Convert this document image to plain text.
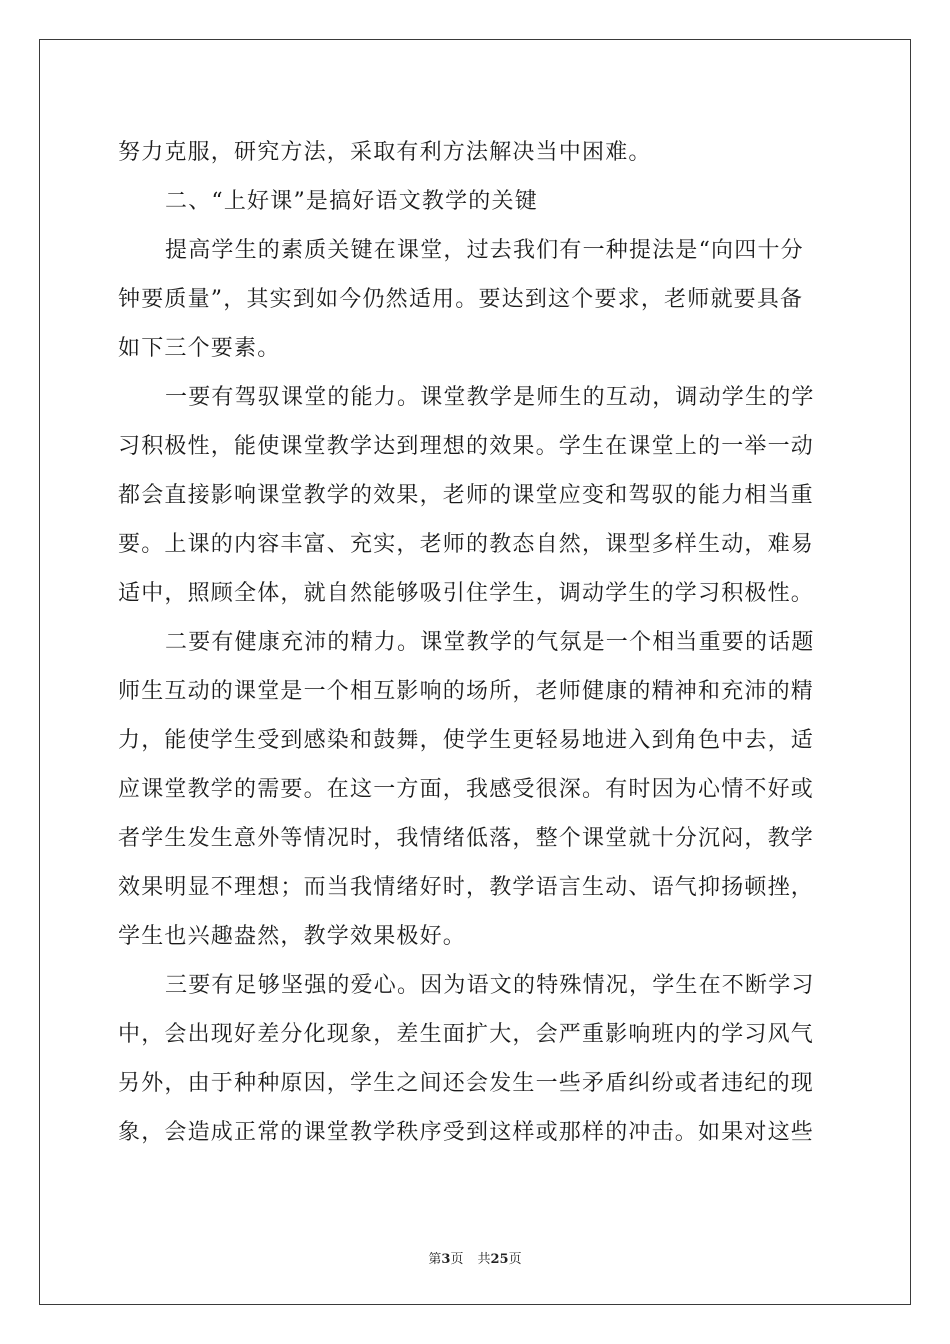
努力克服，研究方法，采取有利方法解决当中困难。
二、“上好课”是搞好语文教学的关键
提高学生的素质关键在课堂，过去我们有一种提法是“向四十分
钟要质量”，其实到如今仍然适用。要达到这个要求，老师就要具备
如下三个要素。
一要有驾驭课堂的能力。课堂教学是师生的互动，调动学生的学
习积极性，能使课堂教学达到理想的效果。学生在课堂上的一举一动
都会直接影响课堂教学的效果，老师的课堂应变和驾驭的能力相当重
要。上课的内容丰富、充实，老师的教态自然，课型多样生动，难易
适中，照顾全体，就自然能够吸引住学生，调动学生的学习积极性。
二要有健康充沛的精力。课堂教学的气氛是一个相当重要的话题
师生互动的课堂是一个相互影响的场所，老师健康的精神和充沛的精
力，能使学生受到感染和鼓舞，使学生更轻易地进入到角色中去，适
应课堂教学的需要。在这一方面，我感受很深。有时因为心情不好或
者学生发生意外等情况时，我情绪低落，整个课堂就十分沉闷，教学
效果明显不理想；而当我情绪好时，教学语言生动、语气抑扬顿挫，
学生也兴趣盎然，教学效果极好。
三要有足够坚强的爱心。因为语文的特殊情况，学生在不断学习
中，会出现好差分化现象，差生面扩大，会严重影响班内的学习风气
另外，由于种种原因，学生之间还会发生一些矛盾纠纷或者违纪的现
象，会造成正常的课堂教学秩序受到这样或那样的冲击。如果对这些
第3页 共25页
